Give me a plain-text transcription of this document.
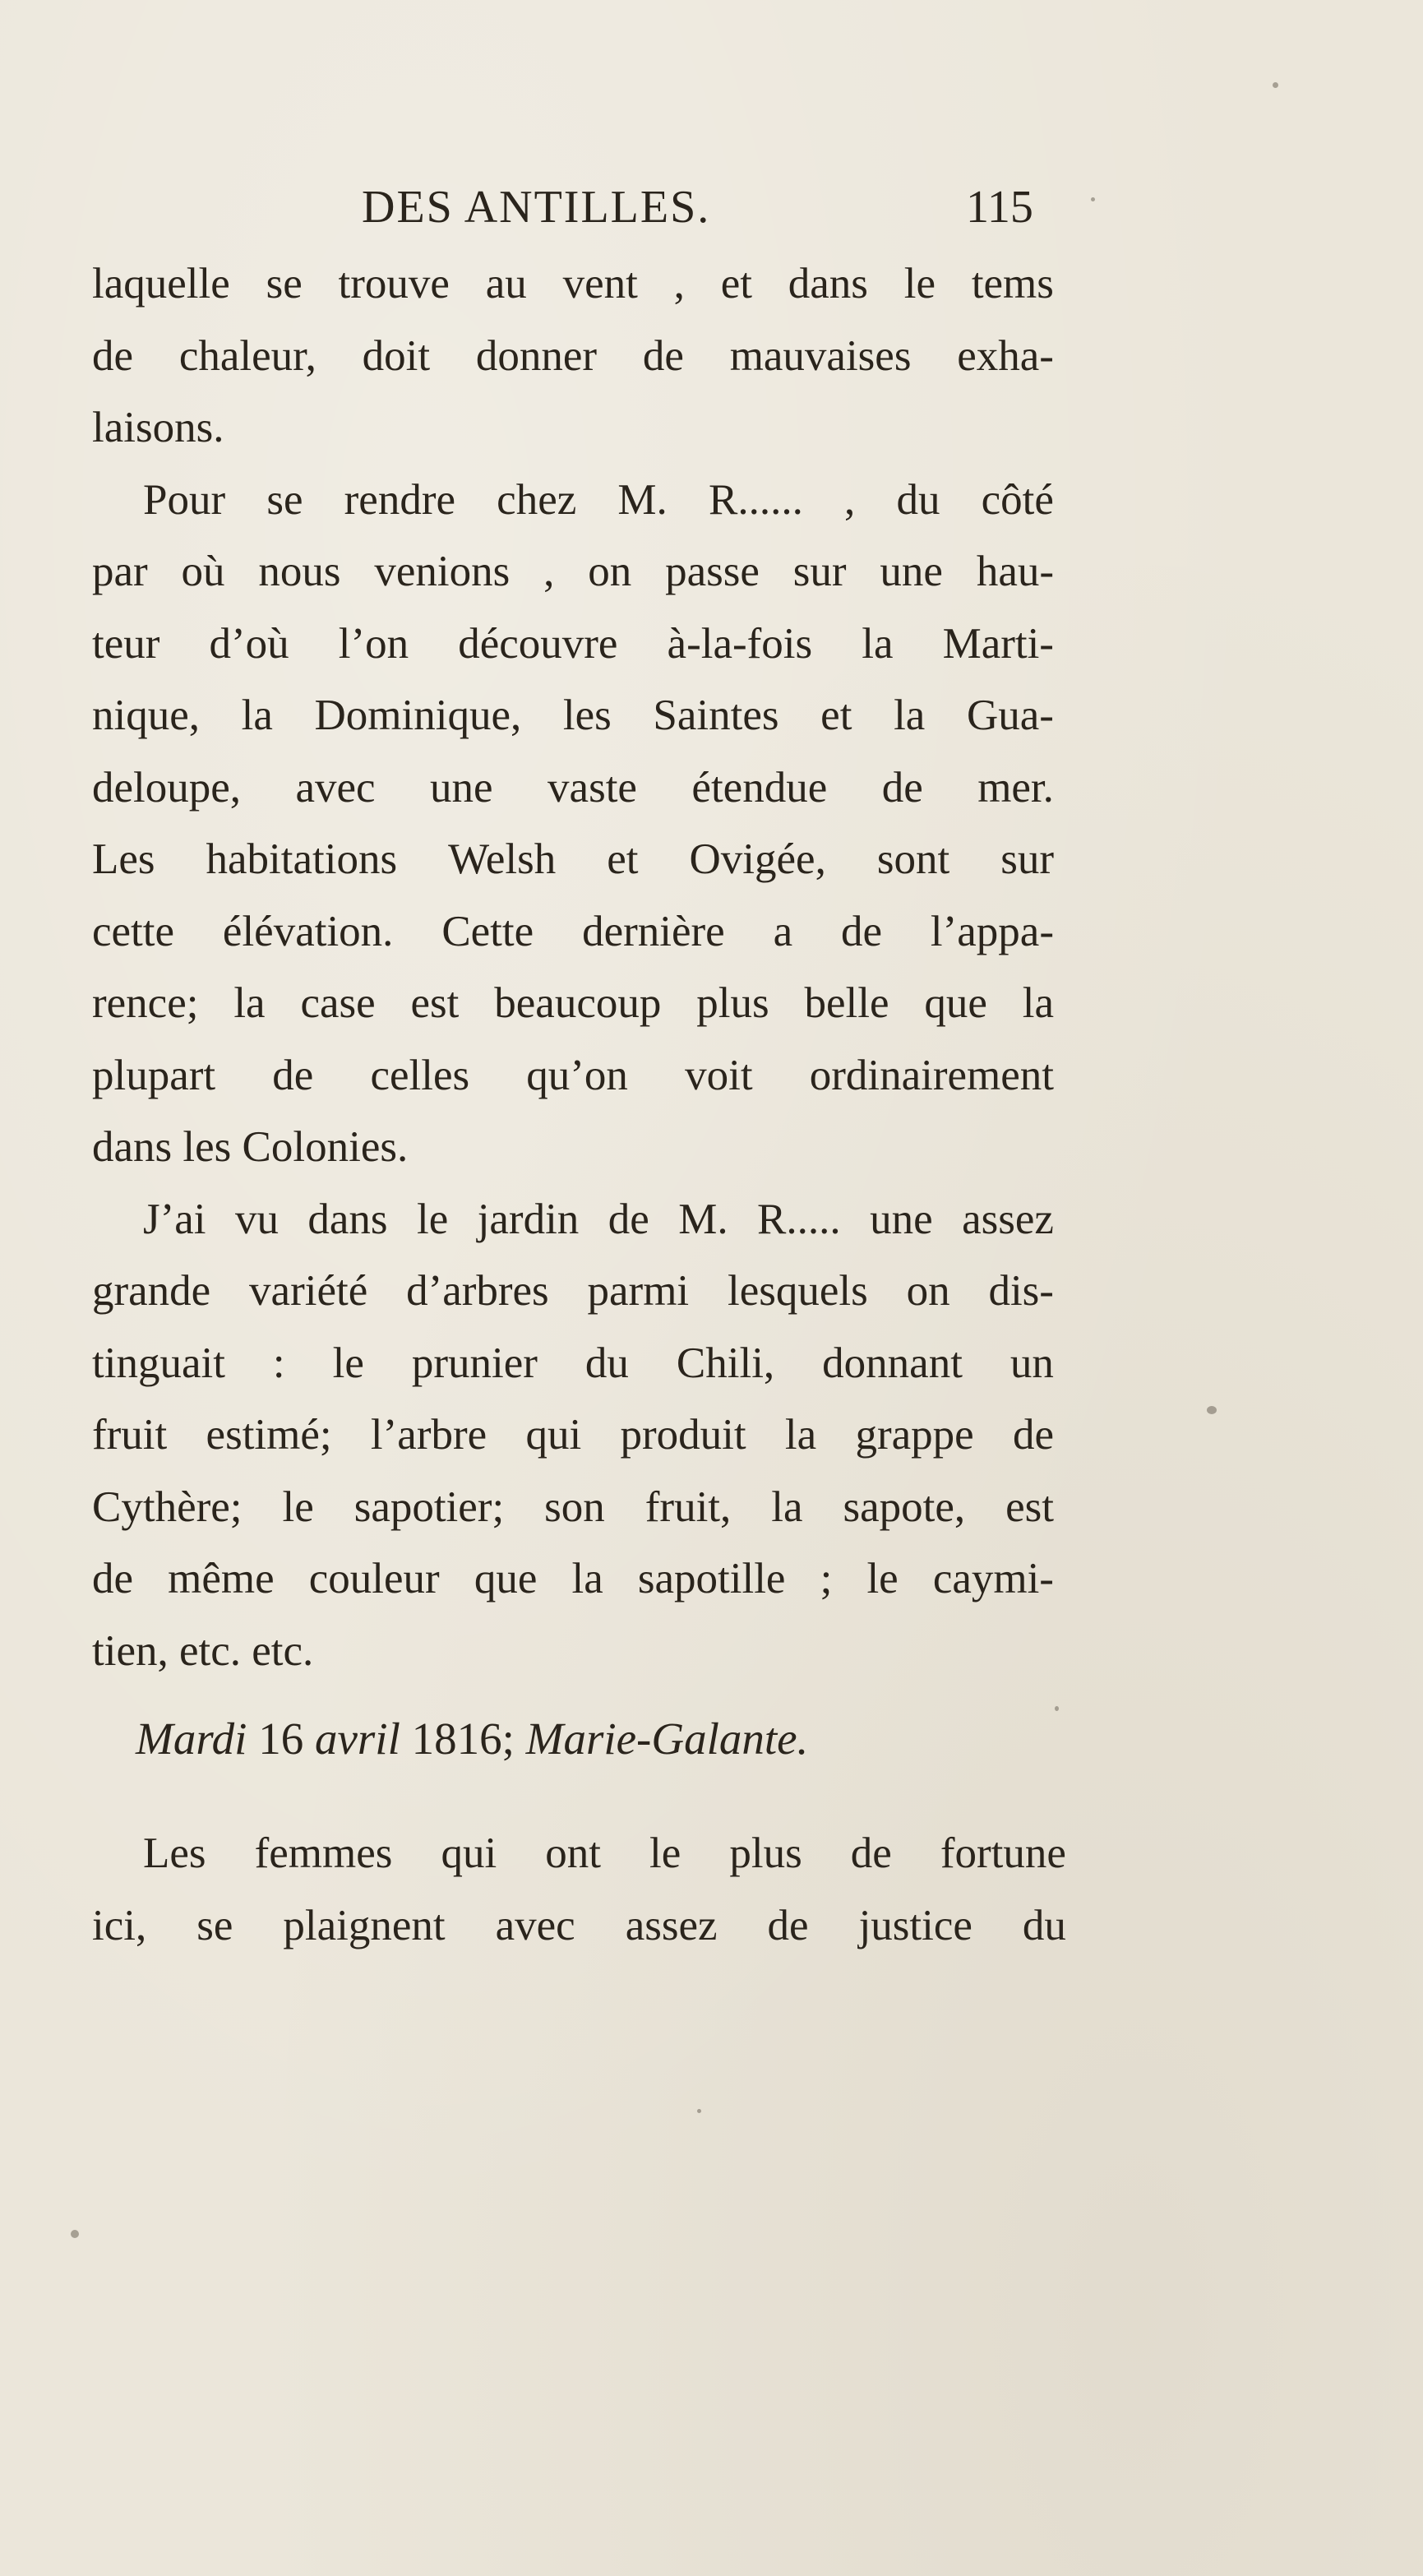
DES ANTILLES.	115
laquelle se trouve au vent , et dans le tems
de chaleur, doit donner de mauvaises exha-
laisons.
Pour se rendre chez M. R...... , du côté
par où nous venions , on passe sur une hau-
teur d’où l’on découvre à-la-fois la Marti-
nique, la Dominique, les Saintes et la Gua-
deloupe, avec une vaste étendue de mer.
Les habitations Welsh et Ovigée, sont sur
cette élévation. Cette dernière a de l’appa-
rence; la case est beaucoup plus belle que la
plupart de celles qu’on voit ordinairement
dans les Colonies.
J’ai vu dans le jardin de M. R..... une assez
grande variété d’arbres parmi lesquels on dis-
tinguait : le prunier du Chili, donnant un
fruit estimé; l’arbre qui produit la grappe de
Cythère; le sapotier; son fruit, la sapote, est
de même couleur que la sapotille ; le caymi-
tien, etc. etc.
Mardi 16 avril 1816; Marie-Galante.
Les femmes qui ont le plus de fortune
ici, se plaignent avec assez de justice du
